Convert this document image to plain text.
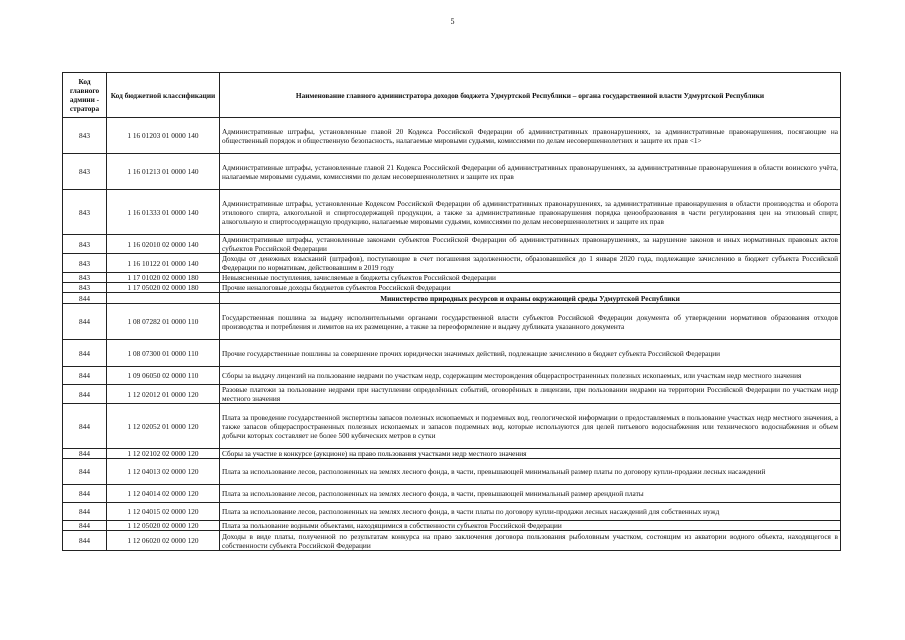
5
Код главного админи - стратора	Код бюджетной классификации	Наименование главного администратора доходов бюджета Удмуртской Республики – органа государственной власти Удмуртской Республики
843	1 16 01203 01 0000 140	Административные штрафы, установленные главой 20 Кодекса Российской Федерации об административных правонарушениях, за административные правонарушения, посягающие на общественный порядок и общественную безопасность, налагаемые мировыми судьями, комиссиями по делам несовершеннолетних и защите их прав <1>
843	1 16 01213 01 0000 140	Административные штрафы, установленные главой 21 Кодекса Российской Федерации об административных правонарушениях, за административные правонарушения в области воинского учёта, налагаемые мировыми судьями, комиссиями по делам несовершеннолетних и защите их прав
843	1 16 01333 01 0000 140	Административные штрафы, установленные Кодексом Российской Федерации об административных правонарушениях, за административные правонарушения в области производства и оборота этилового спирта, алкогольной и спиртосодержащей продукции, а также за административные правонарушения порядка ценообразования в части регулирования цен на этиловый спирт, алкогольную и спиртосодержащую продукцию, налагаемые мировыми судьями, комиссиями по делам несовершеннолетних и защите их прав
843	1 16 02010 02 0000 140	Административные штрафы, установленные законами субъектов Российской Федерации об административных правонарушениях, за нарушение законов и иных нормативных правовых актов субъектов Российской Федерации
843	1 16 10122 01 0000 140	Доходы от денежных взысканий (штрафов), поступающие в счет погашения задолженности, образовавшейся до 1 января 2020 года, подлежащие зачислению в бюджет субъекта Российской Федерации по нормативам, действовавшим в 2019 году
843	1 17 01020 02 0000 180	Невыясненные поступления, зачисляемые в бюджеты субъектов Российской Федерации
843	1 17 05020 02 0000 180	Прочие неналоговые доходы бюджетов субъектов Российской Федерации
844		Министерство природных ресурсов и охраны окружающей среды Удмуртской Республики
844	1 08 07282 01 0000 110	Государственная пошлина за выдачу исполнительными органами государственной власти субъектов Российской Федерации документа об утверждении нормативов образования отходов производства и потребления и лимитов на их размещение, а также за переоформление и выдачу дубликата указанного документа
844	1 08 07300 01 0000 110	Прочие государственные пошлины за совершение прочих юридически значимых действий, подлежащие зачислению в бюджет субъекта Российской Федерации
844	1 09 06050 02 0000 110	Сборы за выдачу лицензий на пользование недрами по участкам недр, содержащим месторождения общераспространенных полезных ископаемых, или участкам недр местного значения
844	1 12 02012 01 0000 120	Разовые платежи за пользование недрами при наступлении определённых событий, оговорённых в лицензии, при пользовании недрами на территории Российской Федерации по участкам недр местного значения
844	1 12 02052 01 0000 120	Плата за проведение государственной экспертизы запасов полезных ископаемых и подземных вод, геологической информации о предоставляемых в пользование участках недр местного значения, а также запасов общераспространенных полезных ископаемых и запасов подземных вод, которые используются для целей питьевого водоснабжения или технического водоснабжения и объем добычи которых составляет не более 500 кубических метров в сутки
844	1 12 02102 02 0000 120	Сборы за участие в конкурсе (аукционе) на право пользования участками недр местного значения
844	1 12 04013 02 0000 120	Плата за использование лесов, расположенных на землях лесного фонда, в части, превышающей минимальный размер платы по договору купли-продажи лесных насаждений
844	1 12 04014 02 0000 120	Плата за использование лесов, расположенных на землях лесного фонда, в части, превышающей минимальный размер арендной платы
844	1 12 04015 02 0000 120	Плата за использование лесов, расположенных на землях лесного фонда, в части платы по договору купли-продажи лесных насаждений для собственных нужд
844	1 12 05020 02 0000 120	Плата за пользование водными объектами, находящимися в собственности субъектов Российской Федерации
844	1 12 06020 02 0000 120	Доходы в виде платы, полученной по результатам конкурса на право заключения договора пользования рыболовным участком, состоящим из акватории водного объекта, находящегося в собственности субъекта Российской Федерации
